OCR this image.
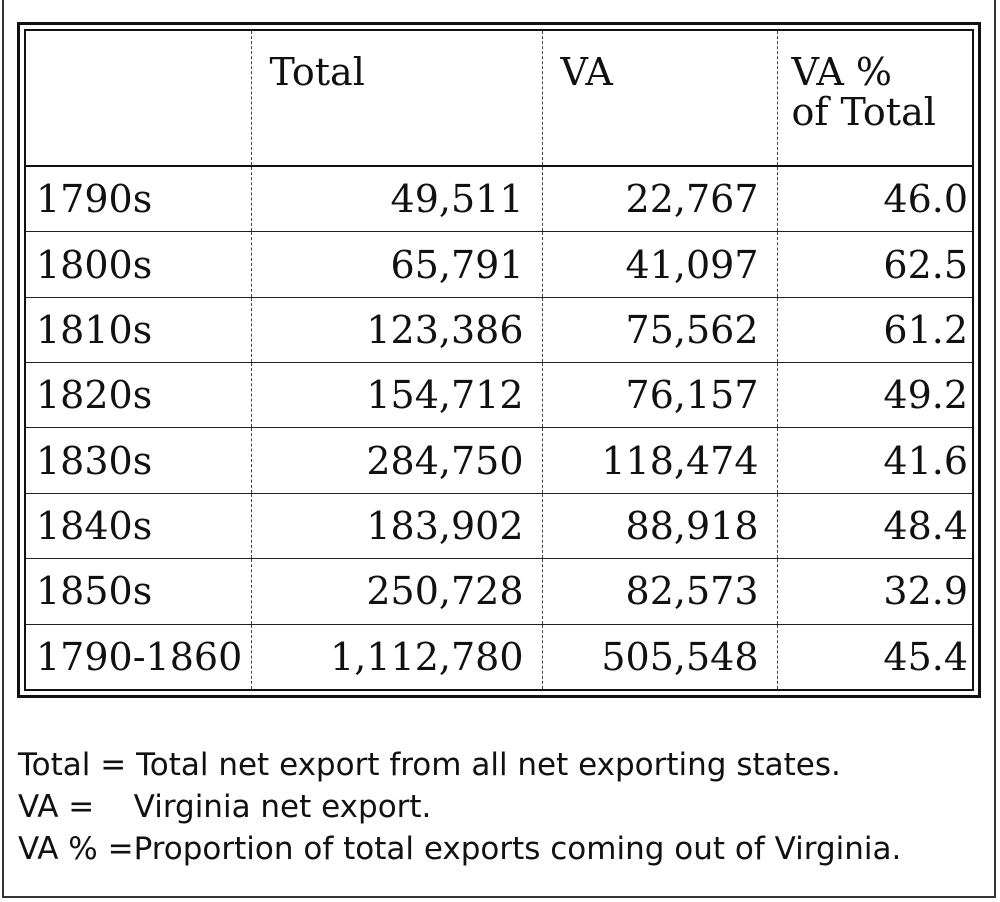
	Total	VA	VA %
of Total

1790s	49,511	22,767	46.0
1800s	65,791	41,097	62.5
1810s	123,386	75,562	61.2
1820s	154,712	76,157	49.2
1830s	284,750	118,474	41.6
1840s	183,902	88,918	48.4
1850s	250,728	82,573	32.9
1790-1860	1,112,780	505,548	45.4
Total = Total net export from all net exporting states.
VA =    Virginia net export.
VA % =Proportion of total exports coming out of Virginia.
